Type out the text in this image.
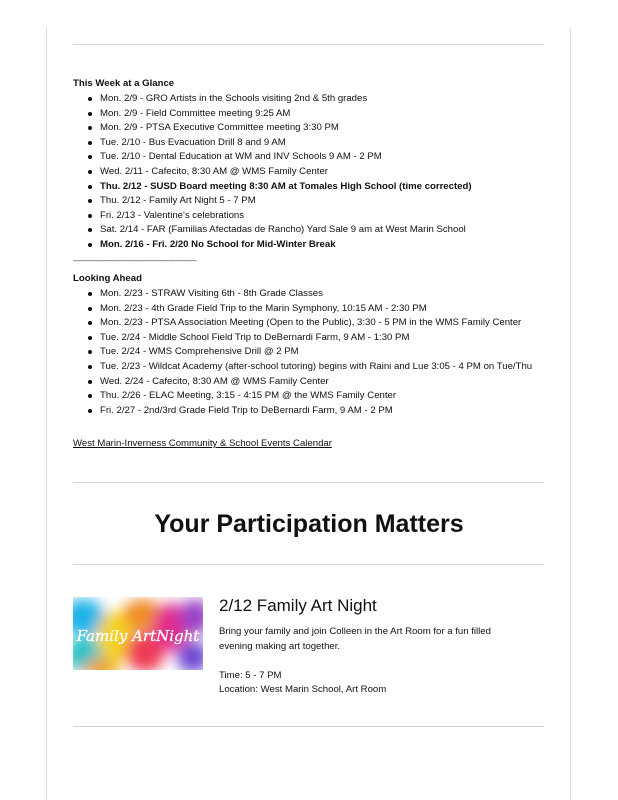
This Week at a Glance
Mon. 2/9 - GRO Artists in the Schools visiting 2nd & 5th grades
Mon. 2/9 - Field Committee meeting 9:25 AM
Mon. 2/9 - PTSA Executive Committee meeting 3:30 PM
Tue. 2/10 - Bus Evacuation Drill 8 and 9 AM
Tue. 2/10 - Dental Education at WM and INV Schools 9 AM - 2 PM
Wed. 2/11 - Cafecito, 8:30 AM @ WMS Family Center
Thu. 2/12 - SUSD Board meeting 8:30 AM at Tomales High School (time corrected)
Thu. 2/12 - Family Art Night 5 - 7 PM
Fri. 2/13 - Valentine's celebrations
Sat. 2/14 - FAR (Familias Afectadas de Rancho) Yard Sale 9 am at West Marin School
Mon. 2/16 - Fri. 2/20 No School for Mid-Winter Break
---------------------------------------------------------
Looking Ahead
Mon. 2/23 - STRAW Visiting 6th - 8th Grade Classes
Mon. 2/23 - 4th Grade Field Trip to the Marin Symphony, 10:15 AM - 2:30 PM
Mon. 2/23 - PTSA Association Meeting (Open to the Public), 3:30 - 5 PM in the WMS Family Center
Tue. 2/24 - Middle School Field Trip to DeBernardi Farm, 9 AM - 1:30 PM
Tue. 2/24 - WMS Comprehensive Drill @ 2 PM
Tue. 2/23 - Wildcat Academy (after-school tutoring) begins with Raini and Lue 3:05 - 4 PM on Tue/Thu
Wed. 2/24 - Cafecito, 8:30 AM @ WMS Family Center
Thu. 2/26 - ELAC Meeting, 3:15 - 4:15 PM @ the WMS Family Center
Fri. 2/27 - 2nd/3rd Grade Field Trip to DeBernardi Farm, 9 AM - 2 PM
West Marin-Inverness Community & School Events Calendar
Your Participation Matters
Family ArtNight
2/12 Family Art Night

Bring your family and join Colleen in the Art Room for a fun filled evening making art together.

Time: 5 - 7 PM

Location: West Marin School, Art Room
